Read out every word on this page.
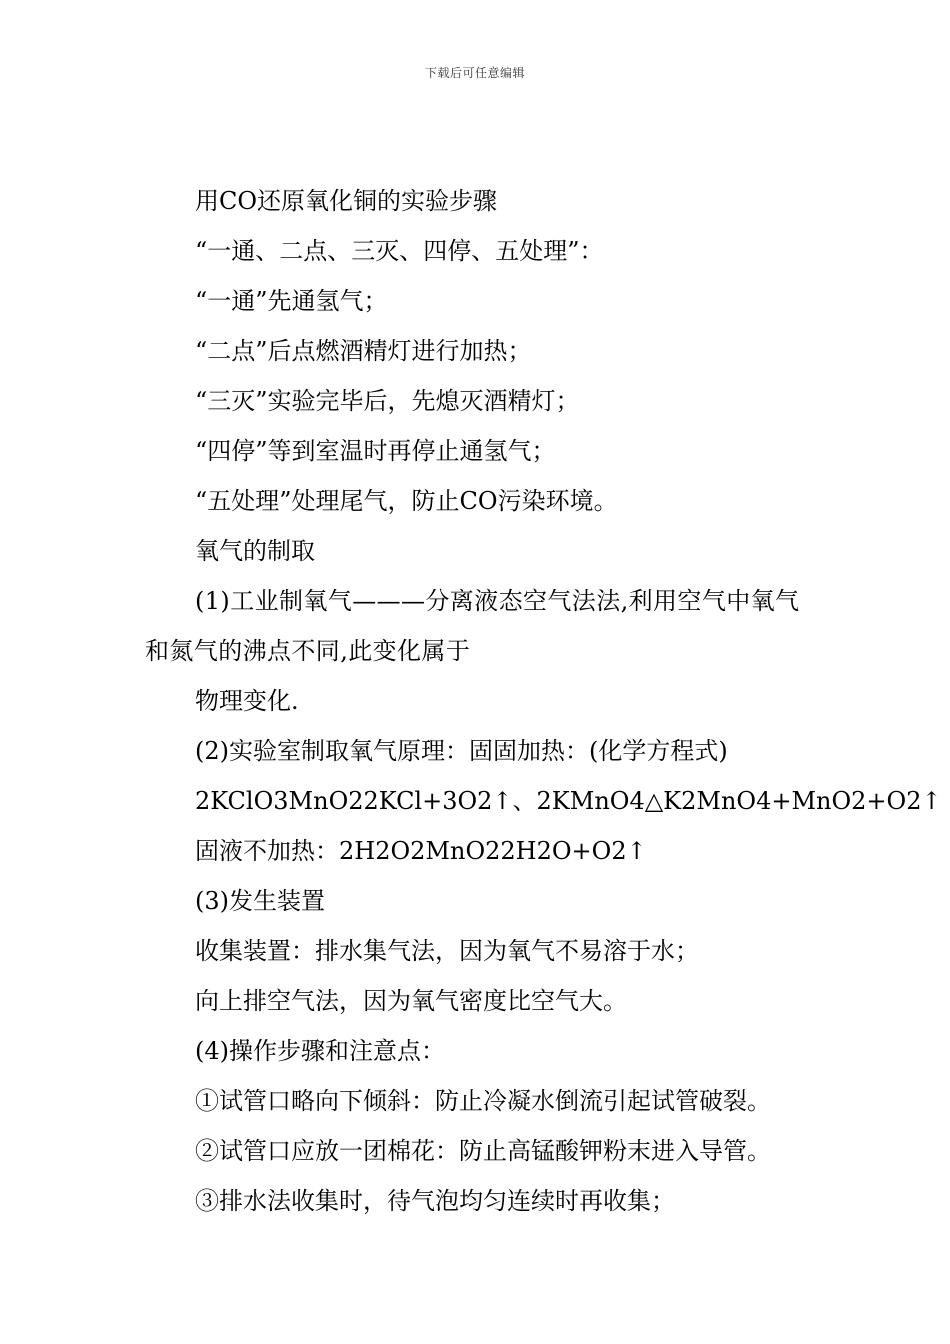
下载后可任意编辑
用CO还原氧化铜的实验步骤
“一通、二点、三灭、四停、五处理”：
“一通”先通氢气；
“二点”后点燃酒精灯进行加热；
“三灭”实验完毕后，先熄灭酒精灯；
“四停”等到室温时再停止通氢气；
“五处理”处理尾气，防止CO污染环境。
氧气的制取
(1)工业制氧气———分离液态空气法法,利用空气中氧气和氮气的沸点不同,此变化属于
物理变化.
(2)实验室制取氧气原理：固固加热：(化学方程式)
2KClO3MnO22KCl+3O2↑、2KMnO4△K2MnO4+MnO2+O2↑
固液不加热：2H2O2MnO22H2O+O2↑
(3)发生装置
收集装置：排水集气法，因为氧气不易溶于水；
向上排空气法，因为氧气密度比空气大。
(4)操作步骤和注意点：
①试管口略向下倾斜：防止冷凝水倒流引起试管破裂。
②试管口应放一团棉花：防止高锰酸钾粉末进入导管。
③排水法收集时，待气泡均匀连续时再收集；
